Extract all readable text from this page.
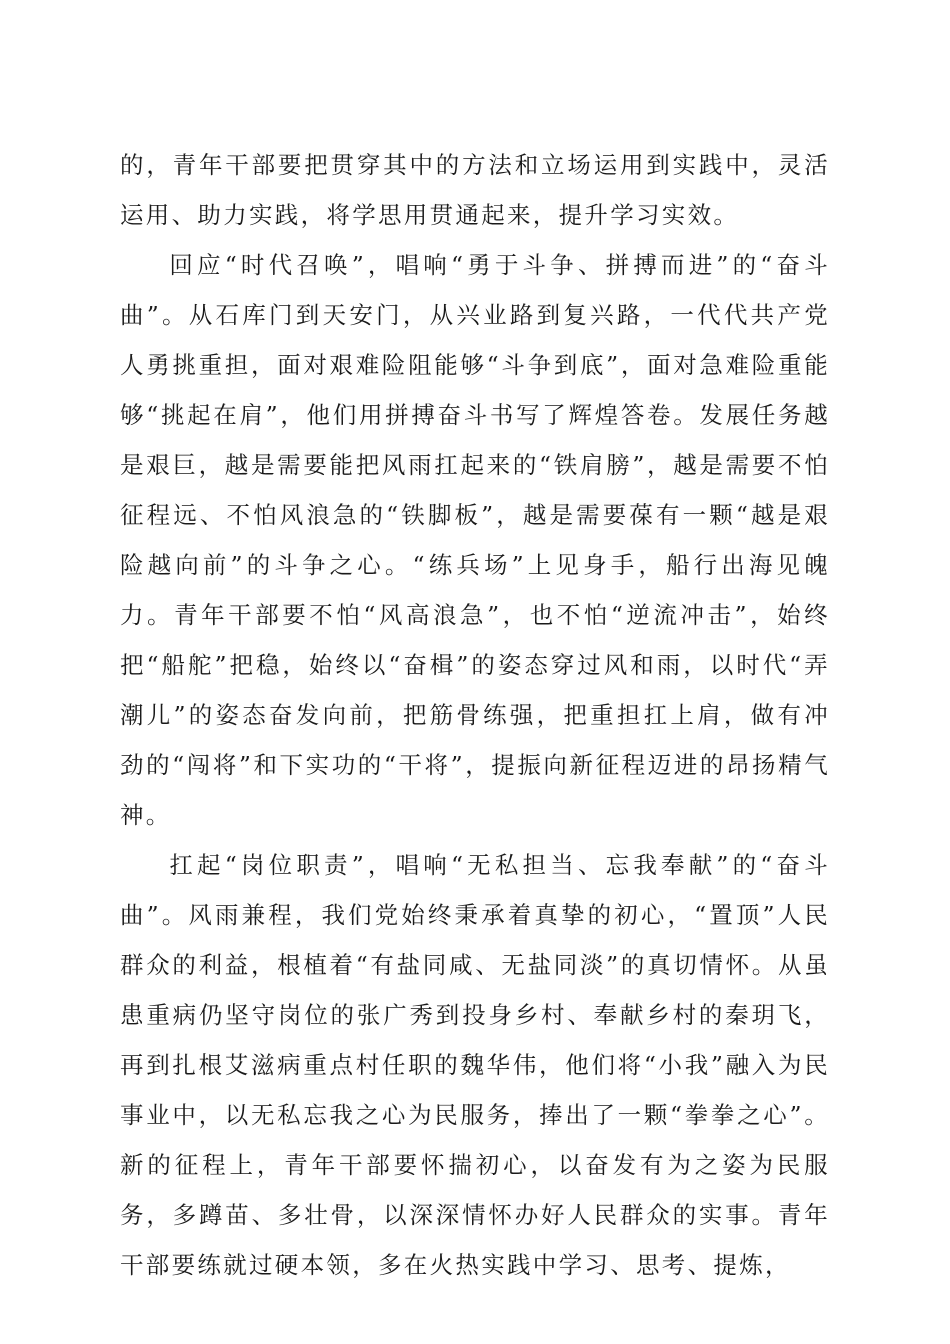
的，青年干部要把贯穿其中的方法和立场运用到实践中，灵活运用、助力实践，将学思用贯通起来，提升学习实效。

回应“时代召唤”，唱响“勇于斗争、拼搏而进”的“奋斗曲”。从石库门到天安门，从兴业路到复兴路，一代代共产党人勇挑重担，面对艰难险阻能够“斗争到底”，面对急难险重能够“挑起在肩”，他们用拼搏奋斗书写了辉煌答卷。发展任务越是艰巨，越是需要能把风雨扛起来的“铁肩膀”，越是需要不怕征程远、不怕风浪急的“铁脚板”，越是需要葆有一颗“越是艰险越向前”的斗争之心。“练兵场”上见身手，船行出海见魄力。青年干部要不怕“风高浪急”，也不怕“逆流冲击”，始终把“船舵”把稳，始终以“奋楫”的姿态穿过风和雨，以时代“弄潮儿”的姿态奋发向前，把筋骨练强，把重担扛上肩，做有冲劲的“闯将”和下实功的“干将”，提振向新征程迈进的昂扬精气神。

扛起“岗位职责”，唱响“无私担当、忘我奉献”的“奋斗曲”。风雨兼程，我们党始终秉承着真挚的初心，“置顶”人民群众的利益，根植着“有盐同咸、无盐同淡”的真切情怀。从虽患重病仍坚守岗位的张广秀到投身乡村、奉献乡村的秦玥飞，再到扎根艾滋病重点村任职的魏华伟，他们将“小我”融入为民事业中，以无私忘我之心为民服务，捧出了一颗“拳拳之心”。新的征程上，青年干部要怀揣初心，以奋发有为之姿为民服务，多蹲苗、多壮骨，以深深情怀办好人民群众的实事。青年干部要练就过硬本领，多在火热实践中学习、思考、提炼，
